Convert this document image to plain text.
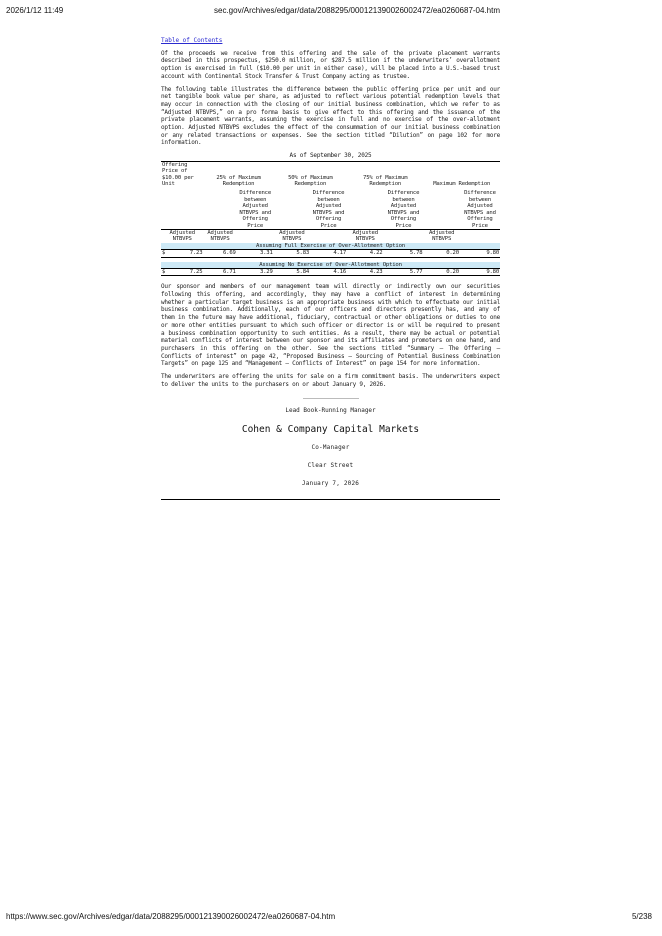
2026/1/12 11:49	sec.gov/Archives/edgar/data/2088295/000121390026002472/ea0260687-04.htm
Table of Contents

Of the proceeds we receive from this offering and the sale of the private placement warrants described in this prospectus, $250.0 million, or $287.5 million if the underwriters’ overallotment option is exercised in full ($10.00 per unit in either case), will be placed into a U.S.-based trust account with Continental Stock Transfer & Trust Company acting as trustee.

The following table illustrates the difference between the public offering price per unit and our net tangible book value per share, as adjusted to reflect various potential redemption levels that may occur in connection with the closing of our initial business combination, which we refer to as “Adjusted NTBVPS,” on a pro forma basis to give effect to this offering and the issuance of the private placement warrants, assuming the exercise in full and no exercise of the over-allotment option. Adjusted NTBVPS excludes the effect of the consummation of our initial business combination or any related transactions or expenses. See the section titled “Dilution” on page 102 for more information.

As of September 30, 2025

Offering Price of $10.00 per Unit		25% of Maximum Redemption		50% of Maximum Redemption		75% of Maximum Redemption		Maximum Redemption	
			Difference between Adjusted NTBVPS and Offering Price		Difference between Adjusted NTBVPS and Offering Price		Difference between Adjusted NTBVPS and Offering Price		Difference between Adjusted NTBVPS and Offering Price
Adjusted NTBVPS		Adjusted NTBVPS		Adjusted NTBVPS		Adjusted NTBVPS		Adjusted NTBVPS	
Assuming Full Exercise of Over-Allotment Option									
$	7.23	6.69	3.31	5.83	4.17	4.22	5.78	0.20	9.80

Assuming No Exercise of Over-Allotment Option									
$	7.25	6.71	3.29	5.84	4.16	4.23	5.77	0.20	9.80

Our sponsor and members of our management team will directly or indirectly own our securities following this offering, and accordingly, they may have a conflict of interest in determining whether a particular target business is an appropriate business with which to effectuate our initial business combination. Additionally, each of our officers and directors presently has, and any of them in the future may have additional, fiduciary, contractual or other obligations or duties to one or more other entities pursuant to which such officer or director is or will be required to present a business combination opportunity to such entities. As a result, there may be actual or potential material conflicts of interest between our sponsor and its affiliates and promoters on one hand, and purchasers in this offering on the other. See the sections titled “Summary — The Offering — Conflicts of interest” on page 42, “Proposed Business — Sourcing of Potential Business Combination Targets” on page 125 and “Management — Conflicts of Interest” on page 154 for more information.

The underwriters are offering the units for sale on a firm commitment basis. The underwriters expect to deliver the units to the purchasers on or about January 9, 2026.

Lead Book-Running Manager

Cohen & Company Capital Markets

Co-Manager

Clear Street

January 7, 2026

https://www.sec.gov/Archives/edgar/data/2088295/000121390026002472/ea0260687-04.htm	5/238
